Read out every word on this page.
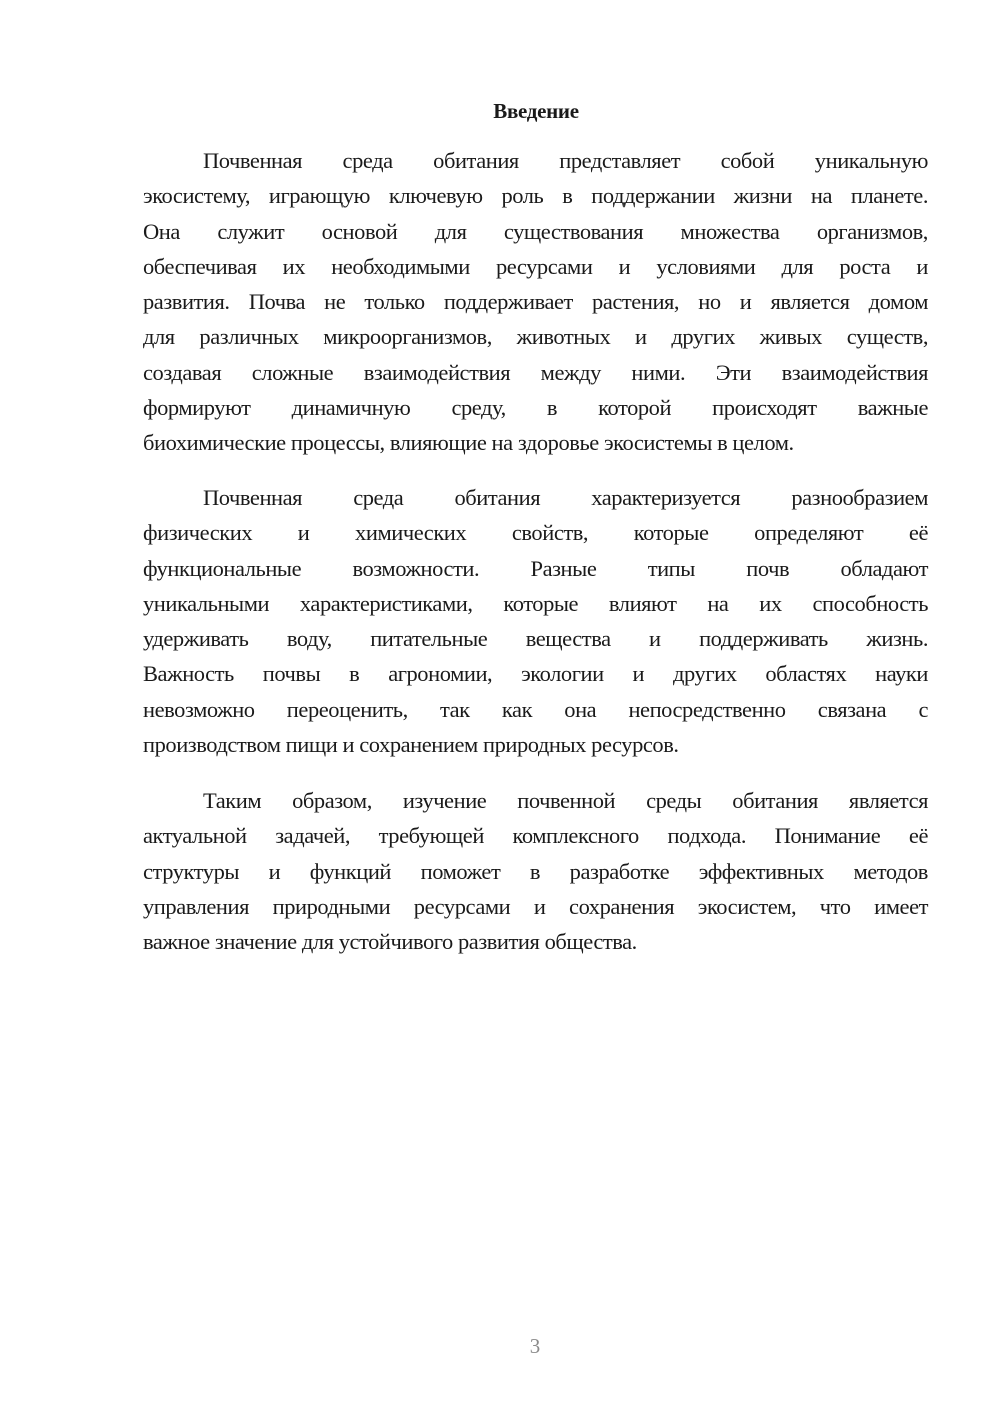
Введение
Почвенная среда обитания представляет собой уникальную
экосистему, играющую ключевую роль в поддержании жизни на планете.
Она служит основой для существования множества организмов,
обеспечивая их необходимыми ресурсами и условиями для роста и
развития. Почва не только поддерживает растения, но и является домом
для различных микроорганизмов, животных и других живых существ,
создавая сложные взаимодействия между ними. Эти взаимодействия
формируют динамичную среду, в которой происходят важные
биохимические процессы, влияющие на здоровье экосистемы в целом.
Почвенная среда обитания характеризуется разнообразием
физических и химических свойств, которые определяют её
функциональные возможности. Разные типы почв обладают
уникальными характеристиками, которые влияют на их способность
удерживать воду, питательные вещества и поддерживать жизнь.
Важность почвы в агрономии, экологии и других областях науки
невозможно переоценить, так как она непосредственно связана с
производством пищи и сохранением природных ресурсов.
Таким образом, изучение почвенной среды обитания является
актуальной задачей, требующей комплексного подхода. Понимание её
структуры и функций поможет в разработке эффективных методов
управления природными ресурсами и сохранения экосистем, что имеет
важное значение для устойчивого развития общества.
3
